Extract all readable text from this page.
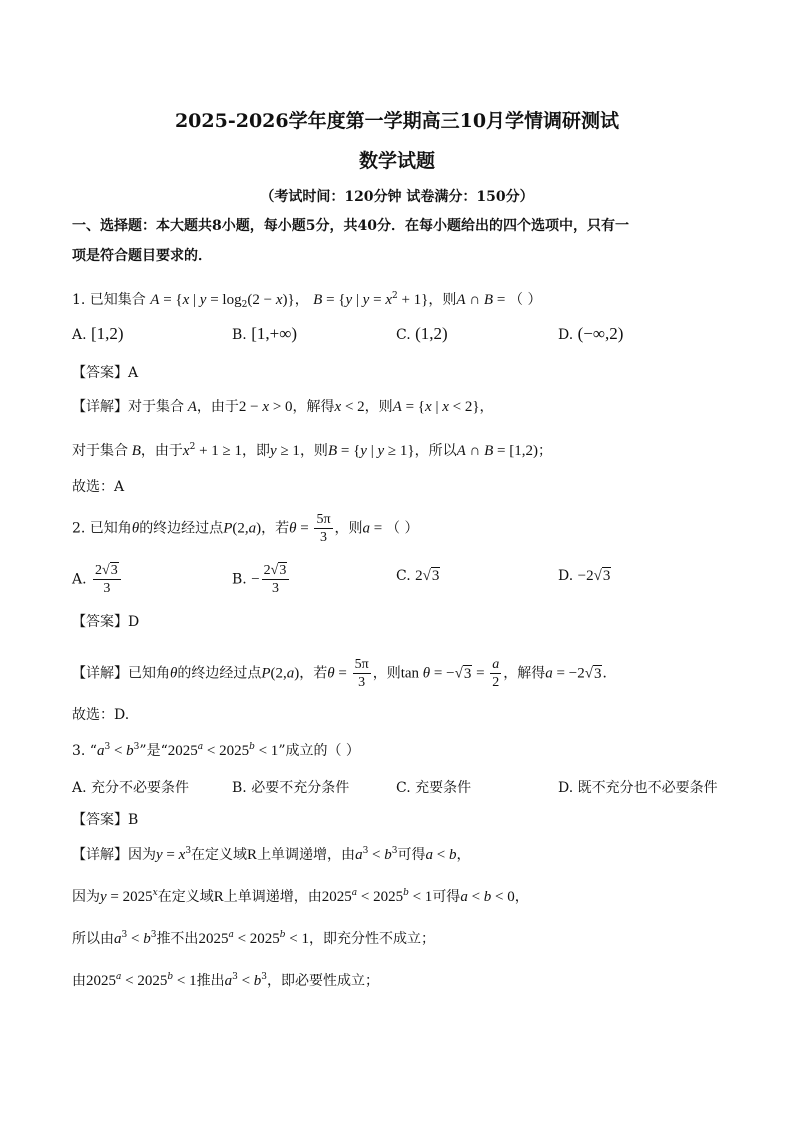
2025-2026学年度第一学期高三10月学情调研测试
数学试题
（考试时间：120分钟 试卷满分：150分）
一、选择题：本大题共8小题，每小题5分，共40分．在每小题给出的四个选项中，只有一
项是符合题目要求的．
1. 已知集合 A = {x | $y = \log_2(2 - x)$}， B = {y | $y = x^2 + 1$}，则A ∩ B = （ ）
A. [1,2)	B. [1,+∞)	C. (1,2)	D. (−∞,2)
【答案】A
【详解】对于集合 A，由于2 − x > 0，解得x < 2，则A = {x | x < 2}，
对于集合 B，由于$x^2 + 1 \ge 1$，即y ≥ 1，则B = {y | y ≥ 1}，所以A ∩ B = [1,2)；
故选：A
2. 已知角θ的终边经过点P(2,a)，若$\theta = \frac{5\pi}{3}$ ，则a = （ ）
A. $\frac{2√3}{3}$	B. − $\frac{2√3}{3}$	C. 2√3	D. −2√3
【答案】D
【详解】已知角θ的终边经过点P(2,a)，若$\theta = \frac{5\pi}{3}$ ，则$\tan \theta = -√3 = \frac{a}{2}$ ，解得a = −2√3．
故选：D.
3. “$a^3 < b^3$”是“$2025^a < 2025^b < 1$”成立的（ ）
A. 充分不必要条件	B. 必要不充分条件	C. 充要条件	D. 既不充分也不必要条件
【答案】B
【详解】因为$y = x^3$在定义域R上单调递增，由$a^3 < b^3$可得a < b，
因为$y = 2025^x$在定义域R上单调递增，由$2025^a < 2025^b < 1$可得a < b < 0，
所以由$a^3 < b^3$推不出$2025^a < 2025^b < 1$，即充分性不成立；
由$2025^a < 2025^b < 1$推出$a^3 < b^3$，即必要性成立；
